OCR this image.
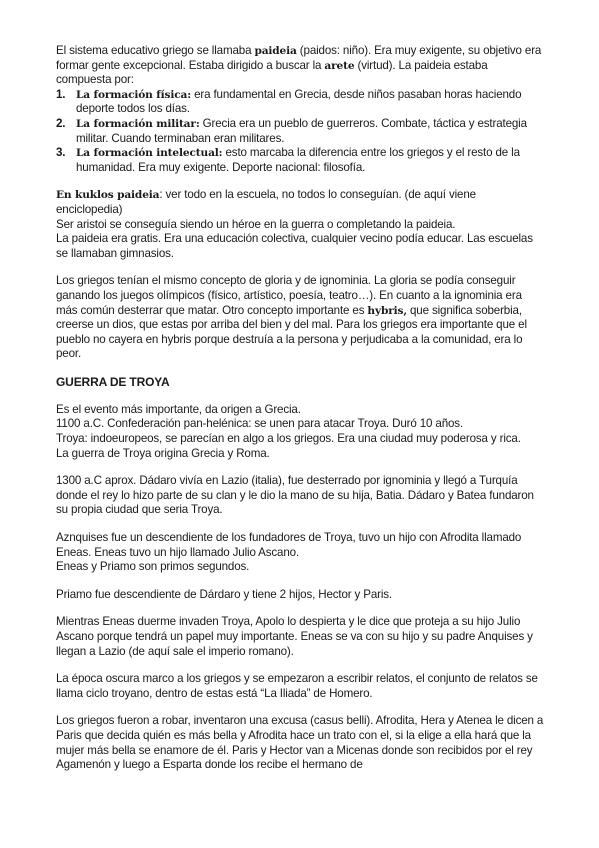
El sistema educativo griego se llamaba paideia (paidos: niño). Era muy exigente, su objetivo era formar gente excepcional. Estaba dirigido a buscar la arete (virtud). La paideia estaba compuesta por:

1. La formación física: era fundamental en Grecia, desde niños pasaban horas haciendo deporte todos los días.
2. La formación militar: Grecia era un pueblo de guerreros. Combate, táctica y estrategia militar. Cuando terminaban eran militares.
3. La formación intelectual: esto marcaba la diferencia entre los griegos y el resto de la humanidad. Era muy exigente. Deporte nacional: filosofía.

En kuklos paideia: ver todo en la escuela, no todos lo conseguían. (de aquí viene enciclopedia)

Ser aristoi se conseguía siendo un héroe en la guerra o completando la paideia.

La paideia era gratis. Era una educación colectiva, cualquier vecino podía educar. Las escuelas se llamaban gimnasios.

Los griegos tenían el mismo concepto de gloria y de ignominia. La gloria se podía conseguir ganando los juegos olímpicos (físico, artístico, poesía, teatro…). En cuanto a la ignominia era más común desterrar que matar. Otro concepto importante es hybris, que significa soberbia, creerse un dios, que estas por arriba del bien y del mal. Para los griegos era importante que el pueblo no cayera en hybris porque destruía a la persona y perjudicaba a la comunidad, era lo peor.

GUERRA DE TROYA

Es el evento más importante, da origen a Grecia.

1100 a.C. Confederación pan-helénica: se unen para atacar Troya. Duró 10 años.

Troya: indoeuropeos, se parecían en algo a los griegos. Era una ciudad muy poderosa y rica.

La guerra de Troya origina Grecia y Roma.

1300 a.C aprox. Dádaro vivía en Lazio (italia), fue desterrado por ignominia y llegó a Turquía donde el rey lo hizo parte de su clan y le dio la mano de su hija, Batia. Dádaro y Batea fundaron su propia ciudad que seria Troya.

Aznquises fue un descendiente de los fundadores de Troya, tuvo un hijo con Afrodita llamado Eneas. Eneas tuvo un hijo llamado Julio Ascano.

Eneas y Priamo son primos segundos.

Priamo fue descendiente de Dárdaro y tiene 2 hijos, Hector y Paris.

Mientras Eneas duerme invaden Troya, Apolo lo despierta y le dice que proteja a su hijo Julio Ascano porque tendrá un papel muy importante. Eneas se va con su hijo y su padre Anquises y llegan a Lazio (de aquí sale el imperio romano).

La época oscura marco a los griegos y se empezaron a escribir relatos, el conjunto de relatos se llama ciclo troyano, dentro de estas está “La Iliada” de Homero.

Los griegos fueron a robar, inventaron una excusa (casus belli). Afrodita, Hera y Atenea le dicen a Paris que decida quién es más bella y Afrodita hace un trato con el, si la elige a ella hará que la mujer más bella se enamore de él. Paris y Hector van a Micenas donde son recibidos por el rey Agamenón y luego a Esparta donde los recibe el hermano de
